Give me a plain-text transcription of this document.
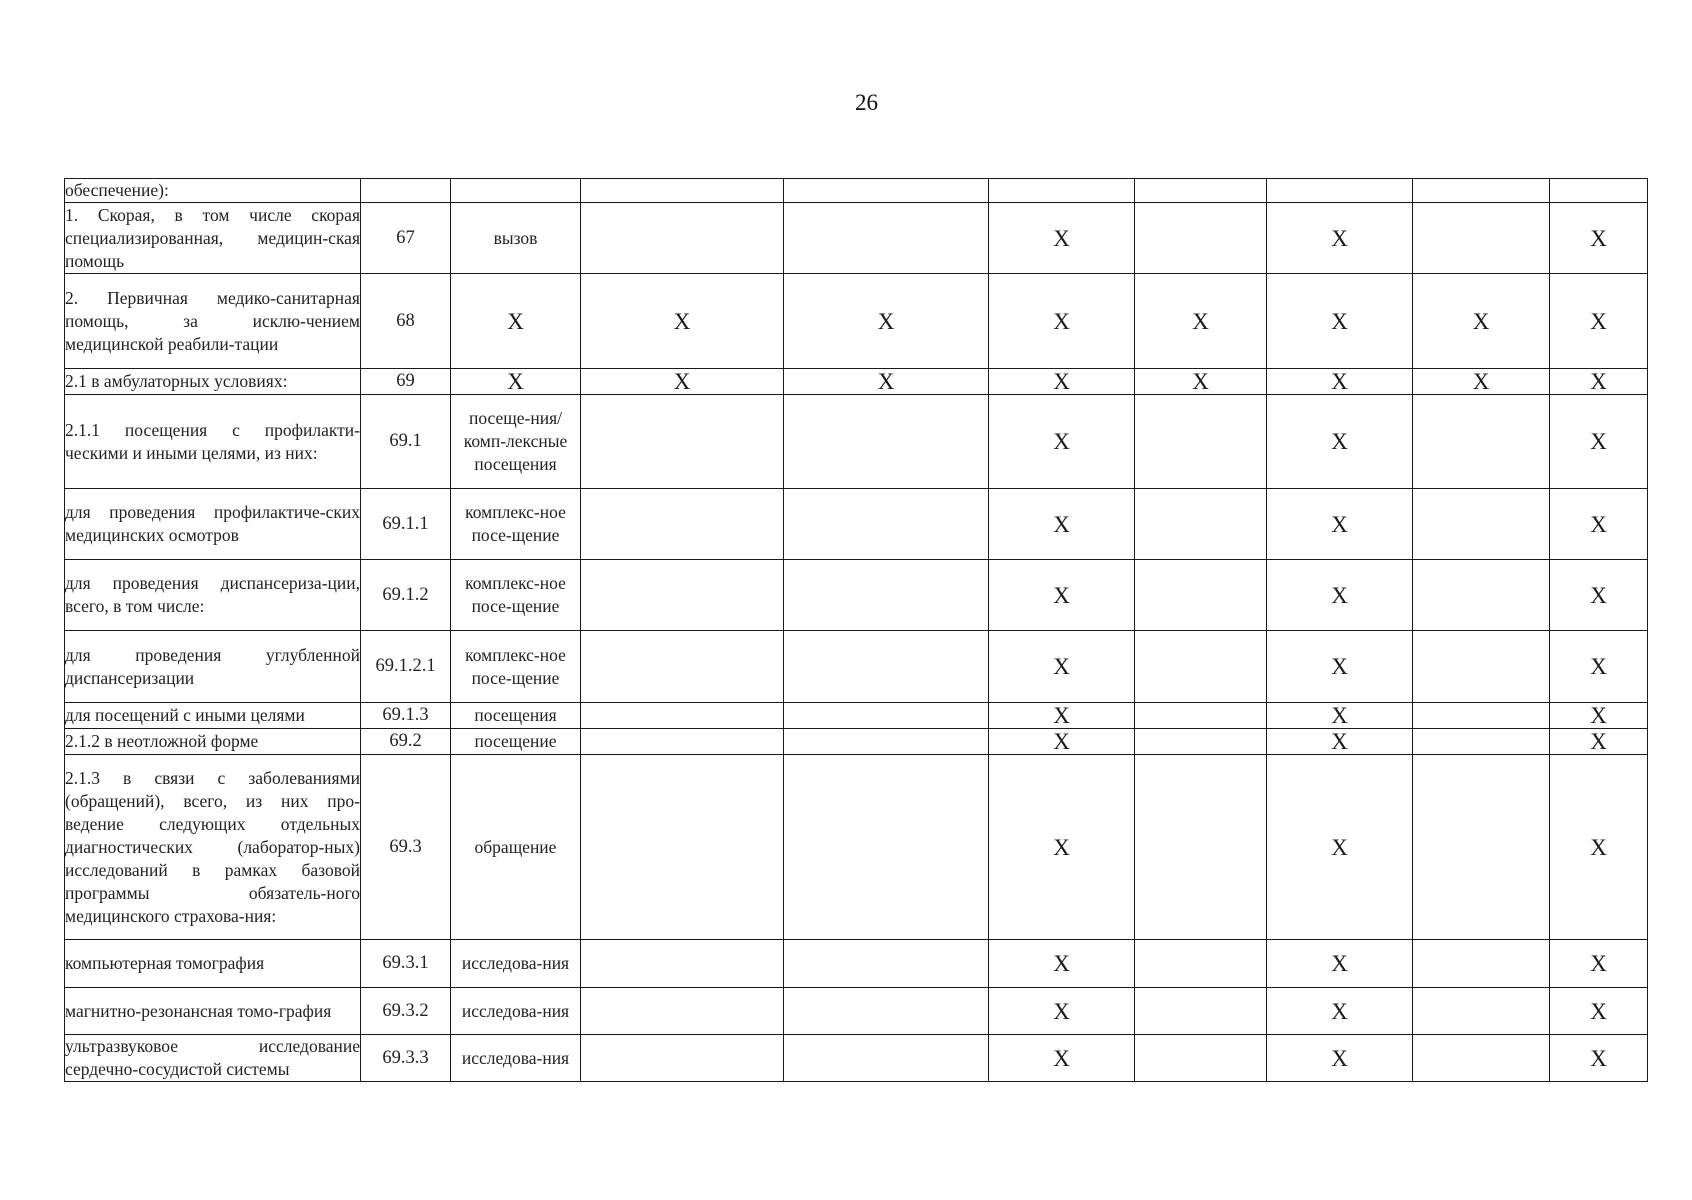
26
обеспечение):									
1. Скорая, в том числе скорая специализированная, медицин-ская помощь	67	вызов			X		X		X
2. Первичная медико-санитарная помощь, за исклю-чением медицинской реабили-тации	68	X	X	X	X	X	X	X	X
2.1 в амбулаторных условиях:	69	X	X	X	X	X	X	X	X
2.1.1 посещения с профилакти-ческими и иными целями, из них:	69.1	посеще-ния/комп-лексные посещения			X		X		X
для проведения профилактиче-ских медицинских осмотров	69.1.1	комплекс-ное посе-щение			X		X		X
для проведения диспансериза-ции, всего, в том числе:	69.1.2	комплекс-ное посе-щение			X		X		X
для проведения углубленной диспансеризации	69.1.2.1	комплекс-ное посе-щение			X		X		X
для посещений с иными целями	69.1.3	посещения			X		X		X
2.1.2 в неотложной форме	69.2	посещение			X		X		X
2.1.3 в связи с заболеваниями (обращений), всего, из них про-ведение следующих отдельных диагностических (лаборатор-ных) исследований в рамках базовой программы обязатель-ного медицинского страхова-ния:	69.3	обращение			X		X		X
компьютерная томография	69.3.1	исследова-ния			X		X		X
магнитно-резонансная томо-графия	69.3.2	исследова-ния			X		X		X
ультразвуковое исследование сердечно-сосудистой системы	69.3.3	исследова-ния			X		X		X
